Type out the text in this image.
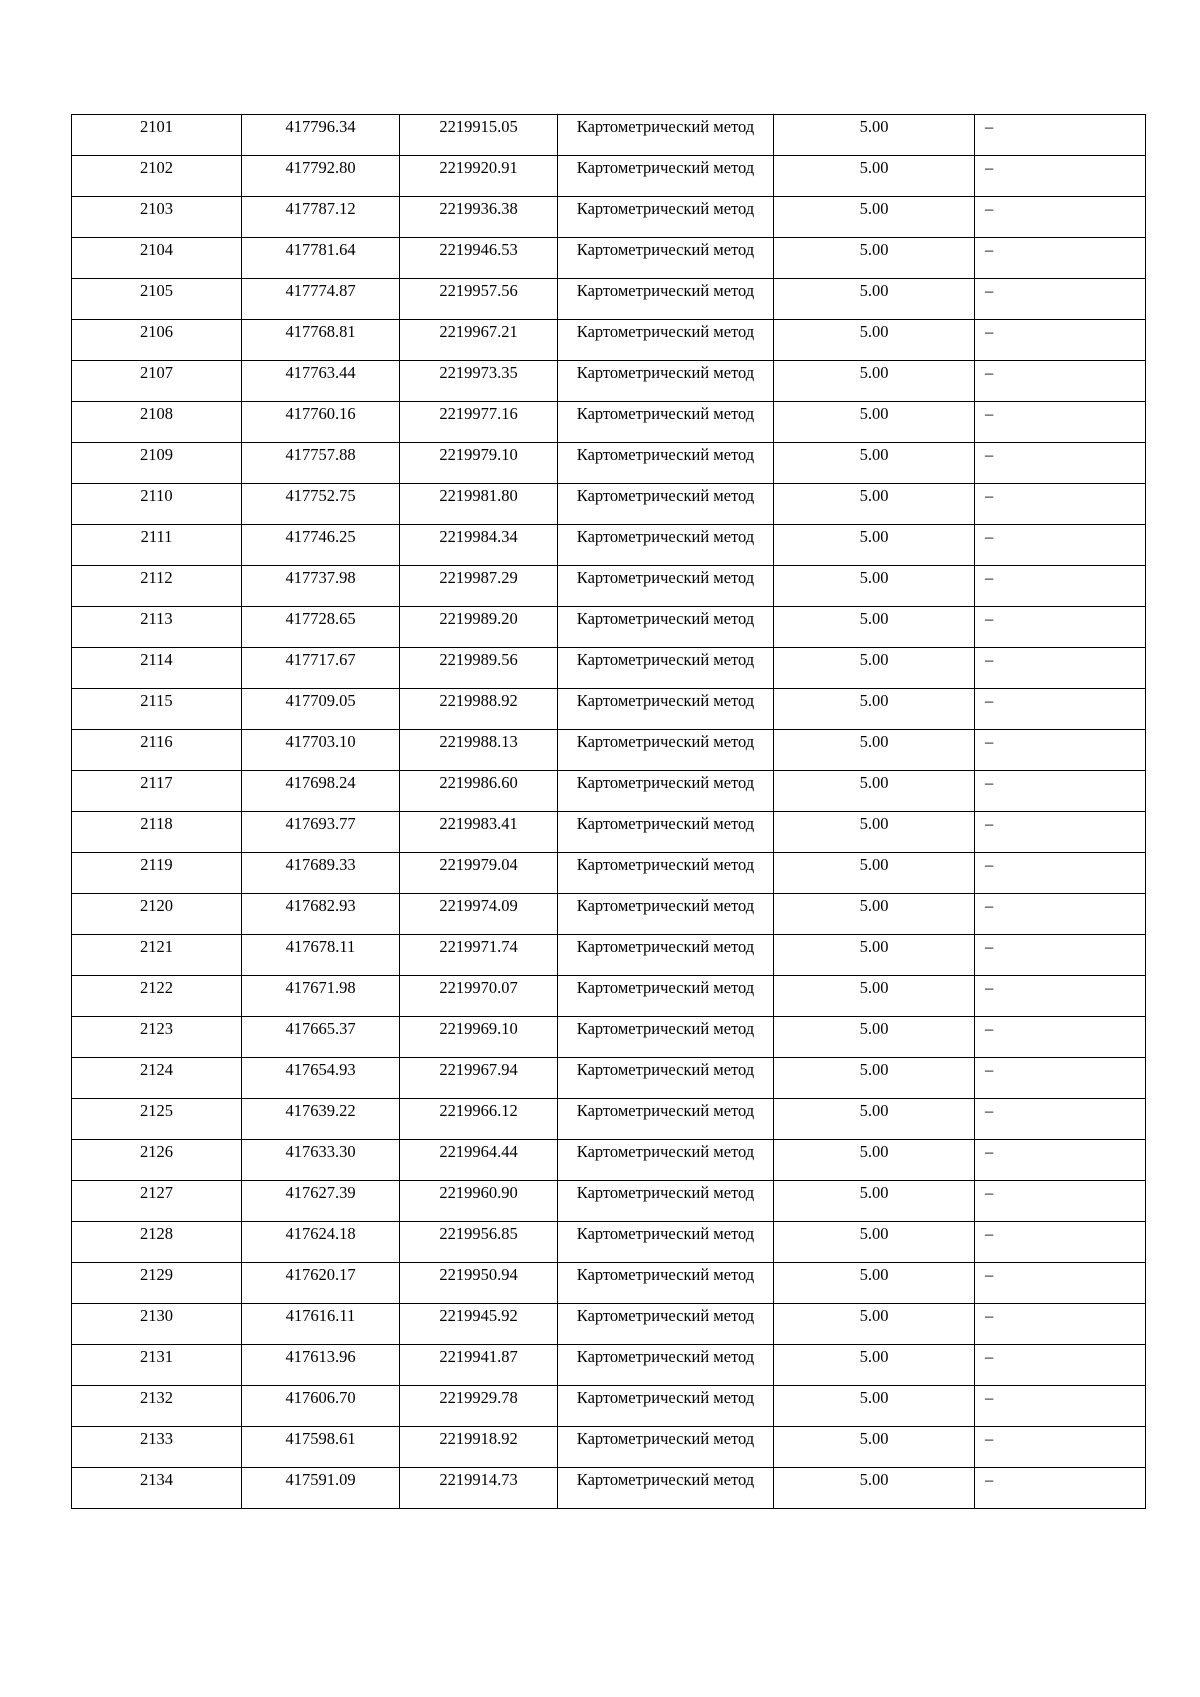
2101	417796.34	2219915.05	Картометрический метод	5.00	–

2102	417792.80	2219920.91	Картометрический метод	5.00	–

2103	417787.12	2219936.38	Картометрический метод	5.00	–

2104	417781.64	2219946.53	Картометрический метод	5.00	–

2105	417774.87	2219957.56	Картометрический метод	5.00	–

2106	417768.81	2219967.21	Картометрический метод	5.00	–

2107	417763.44	2219973.35	Картометрический метод	5.00	–

2108	417760.16	2219977.16	Картометрический метод	5.00	–

2109	417757.88	2219979.10	Картометрический метод	5.00	–

2110	417752.75	2219981.80	Картометрический метод	5.00	–

2111	417746.25	2219984.34	Картометрический метод	5.00	–

2112	417737.98	2219987.29	Картометрический метод	5.00	–

2113	417728.65	2219989.20	Картометрический метод	5.00	–

2114	417717.67	2219989.56	Картометрический метод	5.00	–

2115	417709.05	2219988.92	Картометрический метод	5.00	–

2116	417703.10	2219988.13	Картометрический метод	5.00	–

2117	417698.24	2219986.60	Картометрический метод	5.00	–

2118	417693.77	2219983.41	Картометрический метод	5.00	–

2119	417689.33	2219979.04	Картометрический метод	5.00	–

2120	417682.93	2219974.09	Картометрический метод	5.00	–

2121	417678.11	2219971.74	Картометрический метод	5.00	–

2122	417671.98	2219970.07	Картометрический метод	5.00	–

2123	417665.37	2219969.10	Картометрический метод	5.00	–

2124	417654.93	2219967.94	Картометрический метод	5.00	–

2125	417639.22	2219966.12	Картометрический метод	5.00	–

2126	417633.30	2219964.44	Картометрический метод	5.00	–

2127	417627.39	2219960.90	Картометрический метод	5.00	–

2128	417624.18	2219956.85	Картометрический метод	5.00	–

2129	417620.17	2219950.94	Картометрический метод	5.00	–

2130	417616.11	2219945.92	Картометрический метод	5.00	–

2131	417613.96	2219941.87	Картометрический метод	5.00	–

2132	417606.70	2219929.78	Картометрический метод	5.00	–

2133	417598.61	2219918.92	Картометрический метод	5.00	–

2134	417591.09	2219914.73	Картометрический метод	5.00	–
